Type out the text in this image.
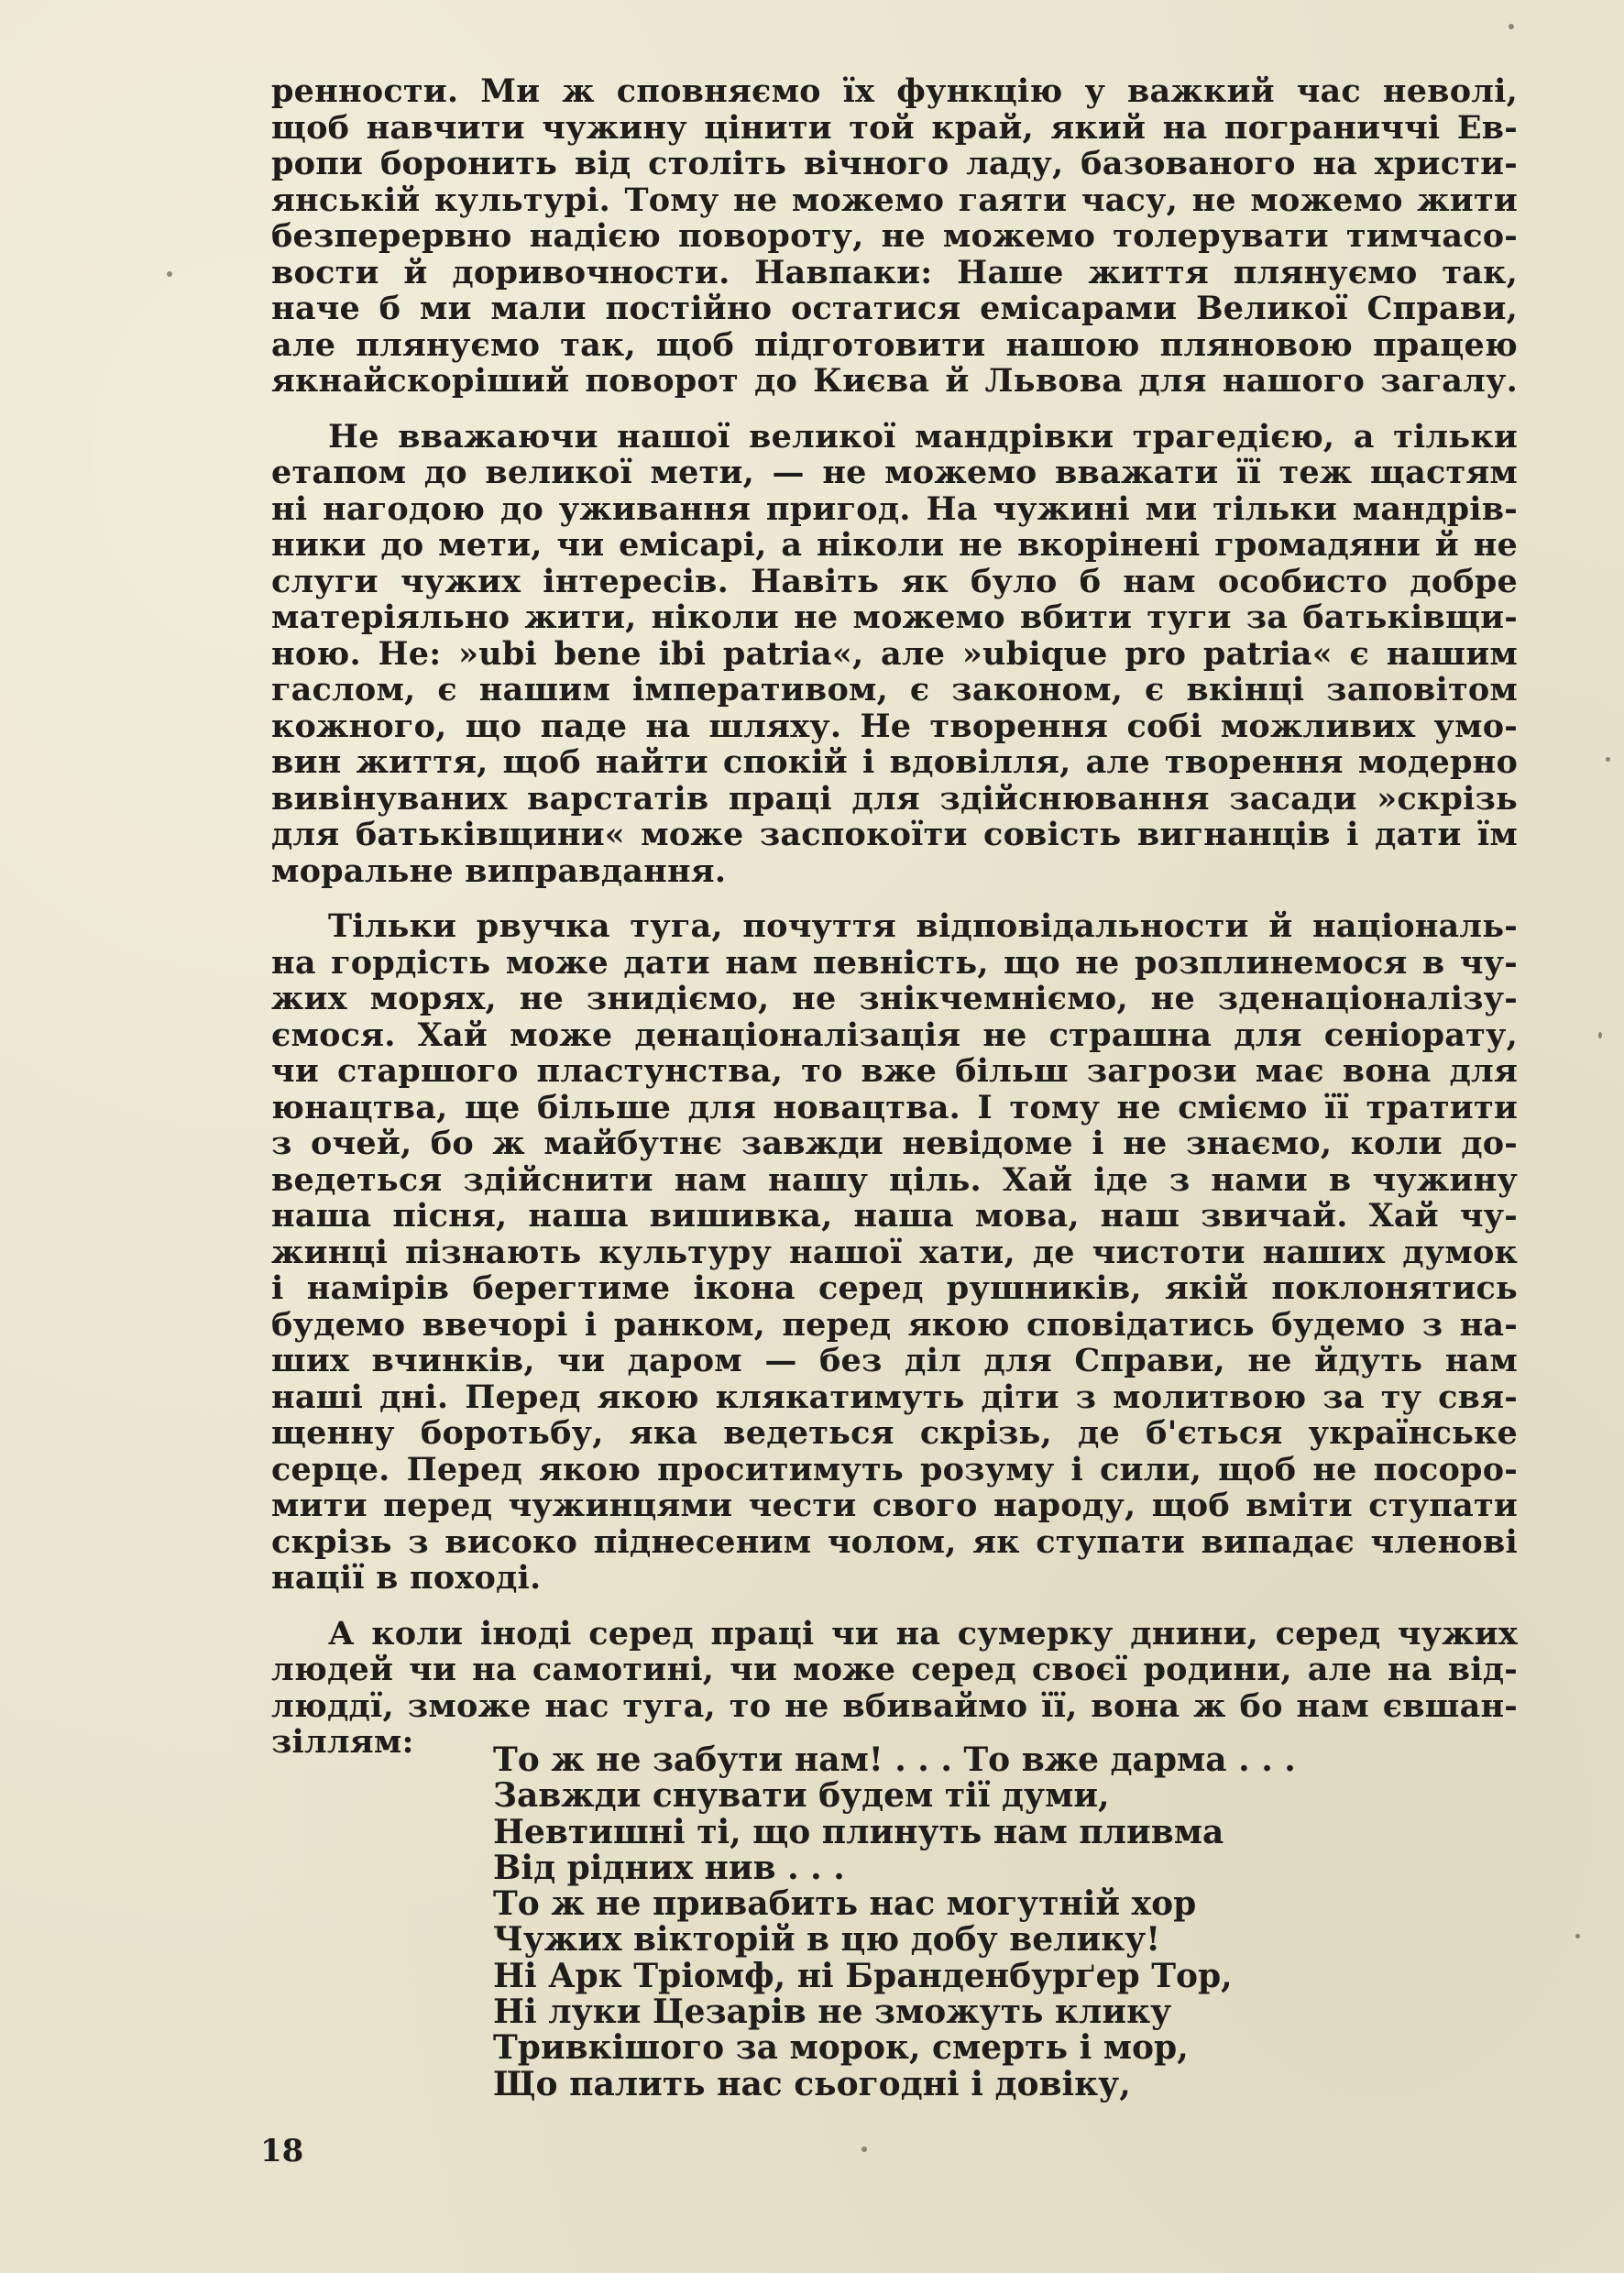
ренности. Ми ж сповняємо їх функцію у важкий час неволі,
щоб навчити чужину цінити той край, який на пограниччі Ев-
ропи боронить від століть вічного ладу, базованого на христи-
янській культурі. Тому не можемо гаяти часу, не можемо жити
безперервно надією повороту, не можемо толерувати тимчасо-
вости й доривочности. Навпаки: Наше життя плянуємо так,
наче б ми мали постійно остатися емісарами Великої Справи,
але плянуємо так, щоб підготовити нашою пляновою працею
якнайскоріший поворот до Києва й Львова для нашого загалу.
Не вважаючи нашої великої мандрівки трагедією, а тільки
етапом до великої мети, — не можемо вважати її теж щастям
ні нагодою до уживання пригод. На чужині ми тільки мандрів-
ники до мети, чи емісарі, а ніколи не вкорінені громадяни й не
слуги чужих інтересів. Навіть як було б нам особисто добре
матеріяльно жити, ніколи не можемо вбити туги за батьківщи-
ною. Не: »ubi bene ibi patria«, але »ubique pro patria« є нашим
гаслом, є нашим імперативом, є законом, є вкінці заповітом
кожного, що паде на шляху. Не творення собі можливих умо-
вин життя, щоб найти спокій і вдовілля, але творення модерно
вивінуваних варстатів праці для здійснювання засади »скрізь
для батьківщини« може заспокоїти совість вигнанців і дати їм
моральне виправдання.
Тільки рвучка туга, почуття відповідальности й національ-
на гордість може дати нам певність, що не розплинемося в чу-
жих морях, не знидіємо, не знікчемніємо, не зденаціоналізу-
ємося. Хай може денаціоналізація не страшна для сеніорату,
чи старшого пластунства, то вже більш загрози має вона для
юнацтва, ще більше для новацтва. І тому не сміємо її тратити
з очей, бо ж майбутнє завжди невідоме і не знаємо, коли до-
ведеться здійснити нам нашу ціль. Хай іде з нами в чужину
наша пісня, наша вишивка, наша мова, наш звичай. Хай чу-
жинці пізнають культуру нашої хати, де чистоти наших думок
і намірів берегтиме ікона серед рушників, якій поклонятись
будемо ввечорі і ранком, перед якою сповідатись будемо з на-
ших вчинків, чи даром — без діл для Справи, не йдуть нам
наші дні. Перед якою клякатимуть діти з молитвою за ту свя-
щенну боротьбу, яка ведеться скрізь, де б'ється українське
серце. Перед якою проситимуть розуму і сили, щоб не посоро-
мити перед чужинцями чести свого народу, щоб вміти ступати
скрізь з високо піднесеним чолом, як ступати випадає членові
нації в поході.
А коли іноді серед праці чи на сумерку днини, серед чужих
людей чи на самотині, чи може серед своєї родини, але на від-
люддї, зможе нас туга, то не вбиваймо її, вона ж бо нам євшан-
зіллям:	То ж не забути нам! . . . То вже дарма . . .
Завжди снувати будем тії думи,
Невтишні ті, що плинуть нам пливма
Від рідних нив . . .
То ж не привабить нас могутній хор
Чужих вікторій в цю добу велику!
Ні Арк Тріомф, ні Бранденбурґер Тор,
Ні луки Цезарів не зможуть клику
Тривкішого за морок, смерть і мор,
Що палить нас сьогодні і довіку,
18
